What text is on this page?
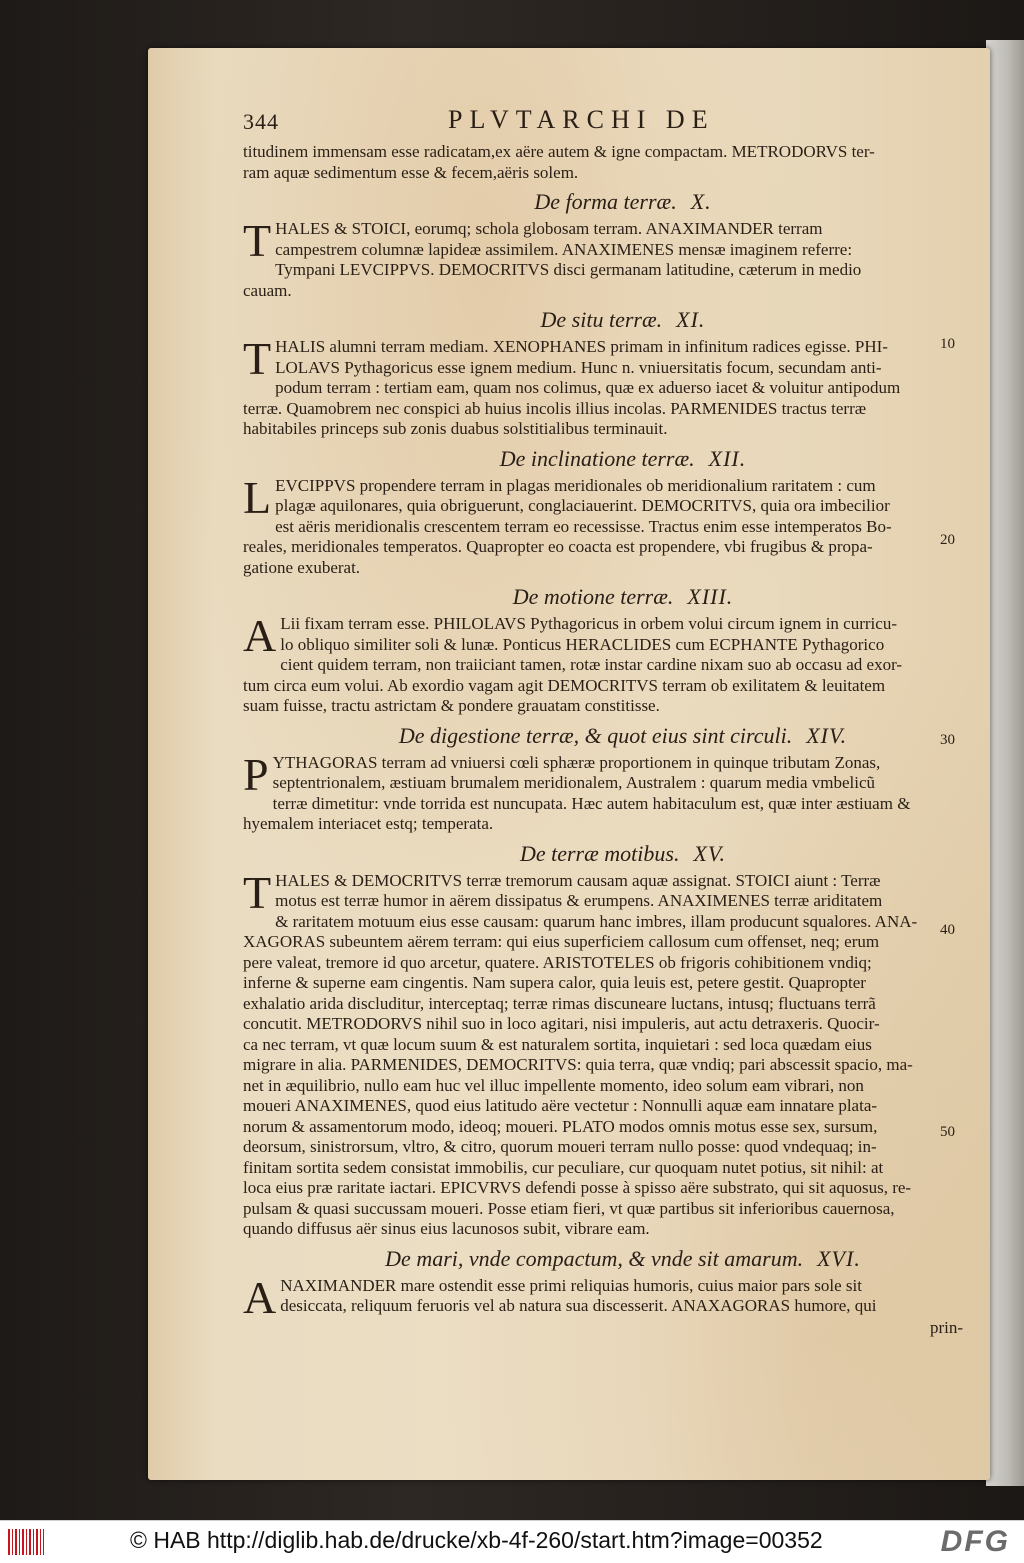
344	PLVTARCHI DE

titudinem immensam esse radicatam,ex aëre autem & igne compactam. METRODORVS ter-

ram aquæ sedimentum esse & fecem,aëris solem.

De forma terræ. X.
T HALES & STOICI, eorumq; schola globosam terram. ANAXIMANDER terram

campestrem columnæ lapideæ assimilem. ANAXIMENES mensæ imaginem referre:

Tympani LEVCIPPVS. DEMOCRITVS disci germanam latitudine, cæterum in medio

cauam.

De situ terræ. XI.
T HALIS alumni terram mediam. XENOPHANES primam in infinitum radices egisse. PHI-

LOLAVS Pythagoricus esse ignem medium. Hunc n. vniuersitatis focum, secundam anti-

podum terram : tertiam eam, quam nos colimus, quæ ex aduerso iacet & voluitur antipodum

terræ. Quamobrem nec conspici ab huius incolis illius incolas. PARMENIDES tractus terræ

habitabiles princeps sub zonis duabus solstitialibus terminauit.

De inclinatione terræ. XII.
L EVCIPPVS propendere terram in plagas meridionales ob meridionalium raritatem : cum

plagæ aquilonares, quia obriguerunt, conglaciauerint. DEMOCRITVS, quia ora imbecilior

est aëris meridionalis crescentem terram eo recessisse. Tractus enim esse intemperatos Bo-

reales, meridionales temperatos. Quapropter eo coacta est propendere, vbi frugibus & propa-

gatione exuberat.

De motione terræ. XIII.
A Lii fixam terram esse. PHILOLAVS Pythagoricus in orbem volui circum ignem in curricu-

lo obliquo similiter soli & lunæ. Ponticus HERACLIDES cum ECPHANTE Pythagorico

cient quidem terram, non traiiciant tamen, rotæ instar cardine nixam suo ab occasu ad exor-

tum circa eum volui. Ab exordio vagam agit DEMOCRITVS terram ob exilitatem & leuitatem

suam fuisse, tractu astrictam & pondere grauatam constitisse.

De digestione terræ, & quot eius sint circuli. XIV.
P YTHAGORAS terram ad vniuersi cœli sphæræ proportionem in quinque tributam Zonas,

septentrionalem, æstiuam brumalem meridionalem, Australem : quarum media vmbelicũ

terræ dimetitur: vnde torrida est nuncupata. Hæc autem habitaculum est, quæ inter æstiuam &

hyemalem interiacet estq; temperata.

De terræ motibus. XV.
T HALES & DEMOCRITVS terræ tremorum causam aquæ assignat. STOICI aiunt : Terræ

motus est terræ humor in aërem dissipatus & erumpens. ANAXIMENES terræ ariditatem

& raritatem motuum eius esse causam: quarum hanc imbres, illam producunt squalores. ANA-

XAGORAS subeuntem aërem terram: qui eius superficiem callosum cum offenset, neq; erum

pere valeat, tremore id quo arcetur, quatere. ARISTOTELES ob frigoris cohibitionem vndiq;

inferne & superne eam cingentis. Nam supera calor, quia leuis est, petere gestit. Quapropter

exhalatio arida discluditur, interceptaq; terræ rimas discuneare luctans, intusq; fluctuans terrã

concutit. METRODORVS nihil suo in loco agitari, nisi impuleris, aut actu detraxeris. Quocir-

ca nec terram, vt quæ locum suum & est naturalem sortita, inquietari : sed loca quædam eius

migrare in alia. PARMENIDES, DEMOCRITVS: quia terra, quæ vndiq; pari abscessit spacio, ma-

net in æquilibrio, nullo eam huc vel illuc impellente momento, ideo solum eam vibrari, non

moueri ANAXIMENES, quod eius latitudo aëre vectetur : Nonnulli aquæ eam innatare plata-

norum & assamentorum modo, ideoq; moueri. PLATO modos omnis motus esse sex, sursum,

deorsum, sinistrorsum, vltro, & citro, quorum moueri terram nullo posse: quod vndequaq; in-

finitam sortita sedem consistat immobilis, cur peculiare, cur quoquam nutet potius, sit nihil: at

loca eius præ raritate iactari. EPICVRVS defendi posse à spisso aëre substrato, qui sit aquosus, re-

pulsam & quasi succussam moueri. Posse etiam fieri, vt quæ partibus sit inferioribus cauernosa,

quando diffusus aër sinus eius lacunosos subit, vibrare eam.

De mari, vnde compactum, & vnde sit amarum. XVI.
A NAXIMANDER mare ostendit esse primi reliquias humoris, cuius maior pars sole sit

desiccata, reliquum feruoris vel ab natura sua discesserit. ANAXAGORAS humore, qui

prin-

10
20
30
40
50
© HAB http://diglib.hab.de/drucke/xb-4f-260/start.htm?image=00352	DFG
